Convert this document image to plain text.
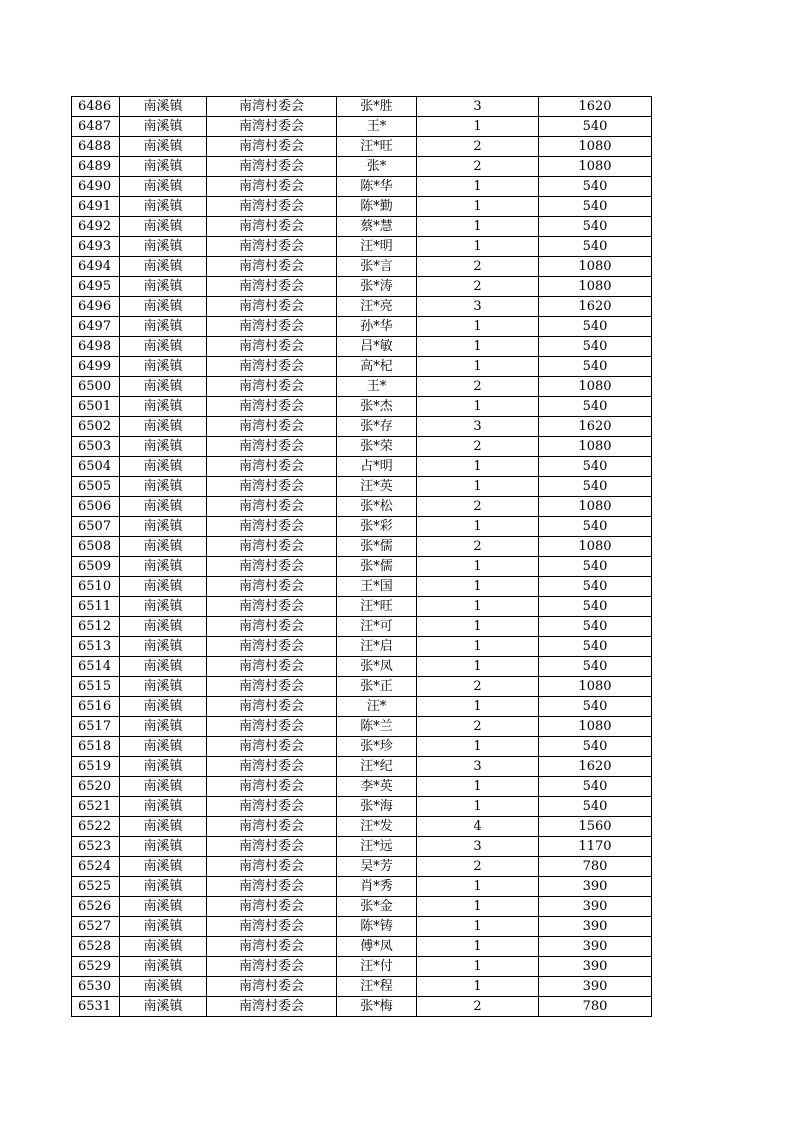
6486	南溪镇	南湾村委会	张*胜	3	1620
6487	南溪镇	南湾村委会	王*	1	540
6488	南溪镇	南湾村委会	汪*旺	2	1080
6489	南溪镇	南湾村委会	张*	2	1080
6490	南溪镇	南湾村委会	陈*华	1	540
6491	南溪镇	南湾村委会	陈*勤	1	540
6492	南溪镇	南湾村委会	蔡*慧	1	540
6493	南溪镇	南湾村委会	汪*明	1	540
6494	南溪镇	南湾村委会	张*言	2	1080
6495	南溪镇	南湾村委会	张*涛	2	1080
6496	南溪镇	南湾村委会	汪*亮	3	1620
6497	南溪镇	南湾村委会	孙*华	1	540
6498	南溪镇	南湾村委会	吕*敏	1	540
6499	南溪镇	南湾村委会	高*杞	1	540
6500	南溪镇	南湾村委会	王*	2	1080
6501	南溪镇	南湾村委会	张*杰	1	540
6502	南溪镇	南湾村委会	张*存	3	1620
6503	南溪镇	南湾村委会	张*荣	2	1080
6504	南溪镇	南湾村委会	占*明	1	540
6505	南溪镇	南湾村委会	汪*英	1	540
6506	南溪镇	南湾村委会	张*松	2	1080
6507	南溪镇	南湾村委会	张*彩	1	540
6508	南溪镇	南湾村委会	张*儒	2	1080
6509	南溪镇	南湾村委会	张*儒	1	540
6510	南溪镇	南湾村委会	王*国	1	540
6511	南溪镇	南湾村委会	汪*旺	1	540
6512	南溪镇	南湾村委会	汪*可	1	540
6513	南溪镇	南湾村委会	汪*启	1	540
6514	南溪镇	南湾村委会	张*凤	1	540
6515	南溪镇	南湾村委会	张*正	2	1080
6516	南溪镇	南湾村委会	汪*	1	540
6517	南溪镇	南湾村委会	陈*兰	2	1080
6518	南溪镇	南湾村委会	张*珍	1	540
6519	南溪镇	南湾村委会	汪*纪	3	1620
6520	南溪镇	南湾村委会	李*英	1	540
6521	南溪镇	南湾村委会	张*海	1	540
6522	南溪镇	南湾村委会	汪*发	4	1560
6523	南溪镇	南湾村委会	汪*远	3	1170
6524	南溪镇	南湾村委会	吴*芳	2	780
6525	南溪镇	南湾村委会	肖*秀	1	390
6526	南溪镇	南湾村委会	张*金	1	390
6527	南溪镇	南湾村委会	陈*铸	1	390
6528	南溪镇	南湾村委会	傅*凤	1	390
6529	南溪镇	南湾村委会	汪*付	1	390
6530	南溪镇	南湾村委会	汪*程	1	390
6531	南溪镇	南湾村委会	张*梅	2	780
